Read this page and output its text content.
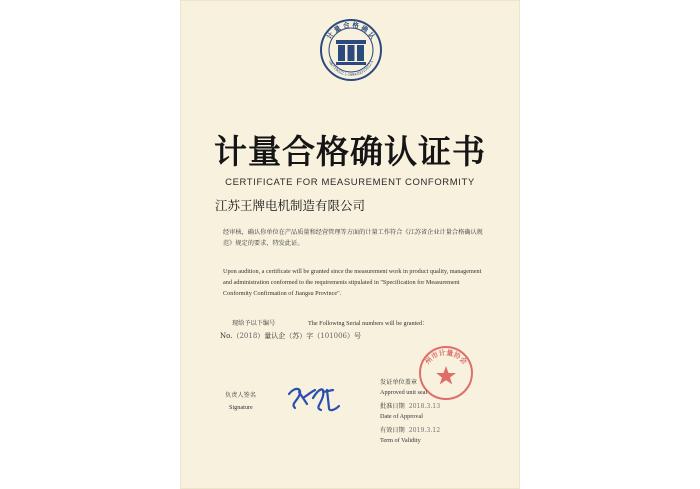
计 量 合 格 确 认
GB/T19022.1-1994/ISO10012-1
计量合格确认证书
CERTIFICATE FOR MEASUREMENT CONFORMITY
江苏王牌电机制造有限公司
经审核，确认你单位在产品质量和经营管理等方面的计量工作符合《江苏省企业计量合格确认规范》规定的要求，特发此证。
Upon audition, a certificate will be granted since the measurement work in product quality, management and administration conformed to the requirements stipulated in "Specification for Measurement Conformity Confirmation of Jiangsu Province".
现给予以下编号	The Following Serial numbers will be granted：
No.（2018）量认企（苏）字（101006）号
负责人签名
Signature
发证单位盖章
Approved unit seal
批准日期 2018.3.13
Date of Approval
有效日期 2019.3.12
Term of Validity
州市计量协会
